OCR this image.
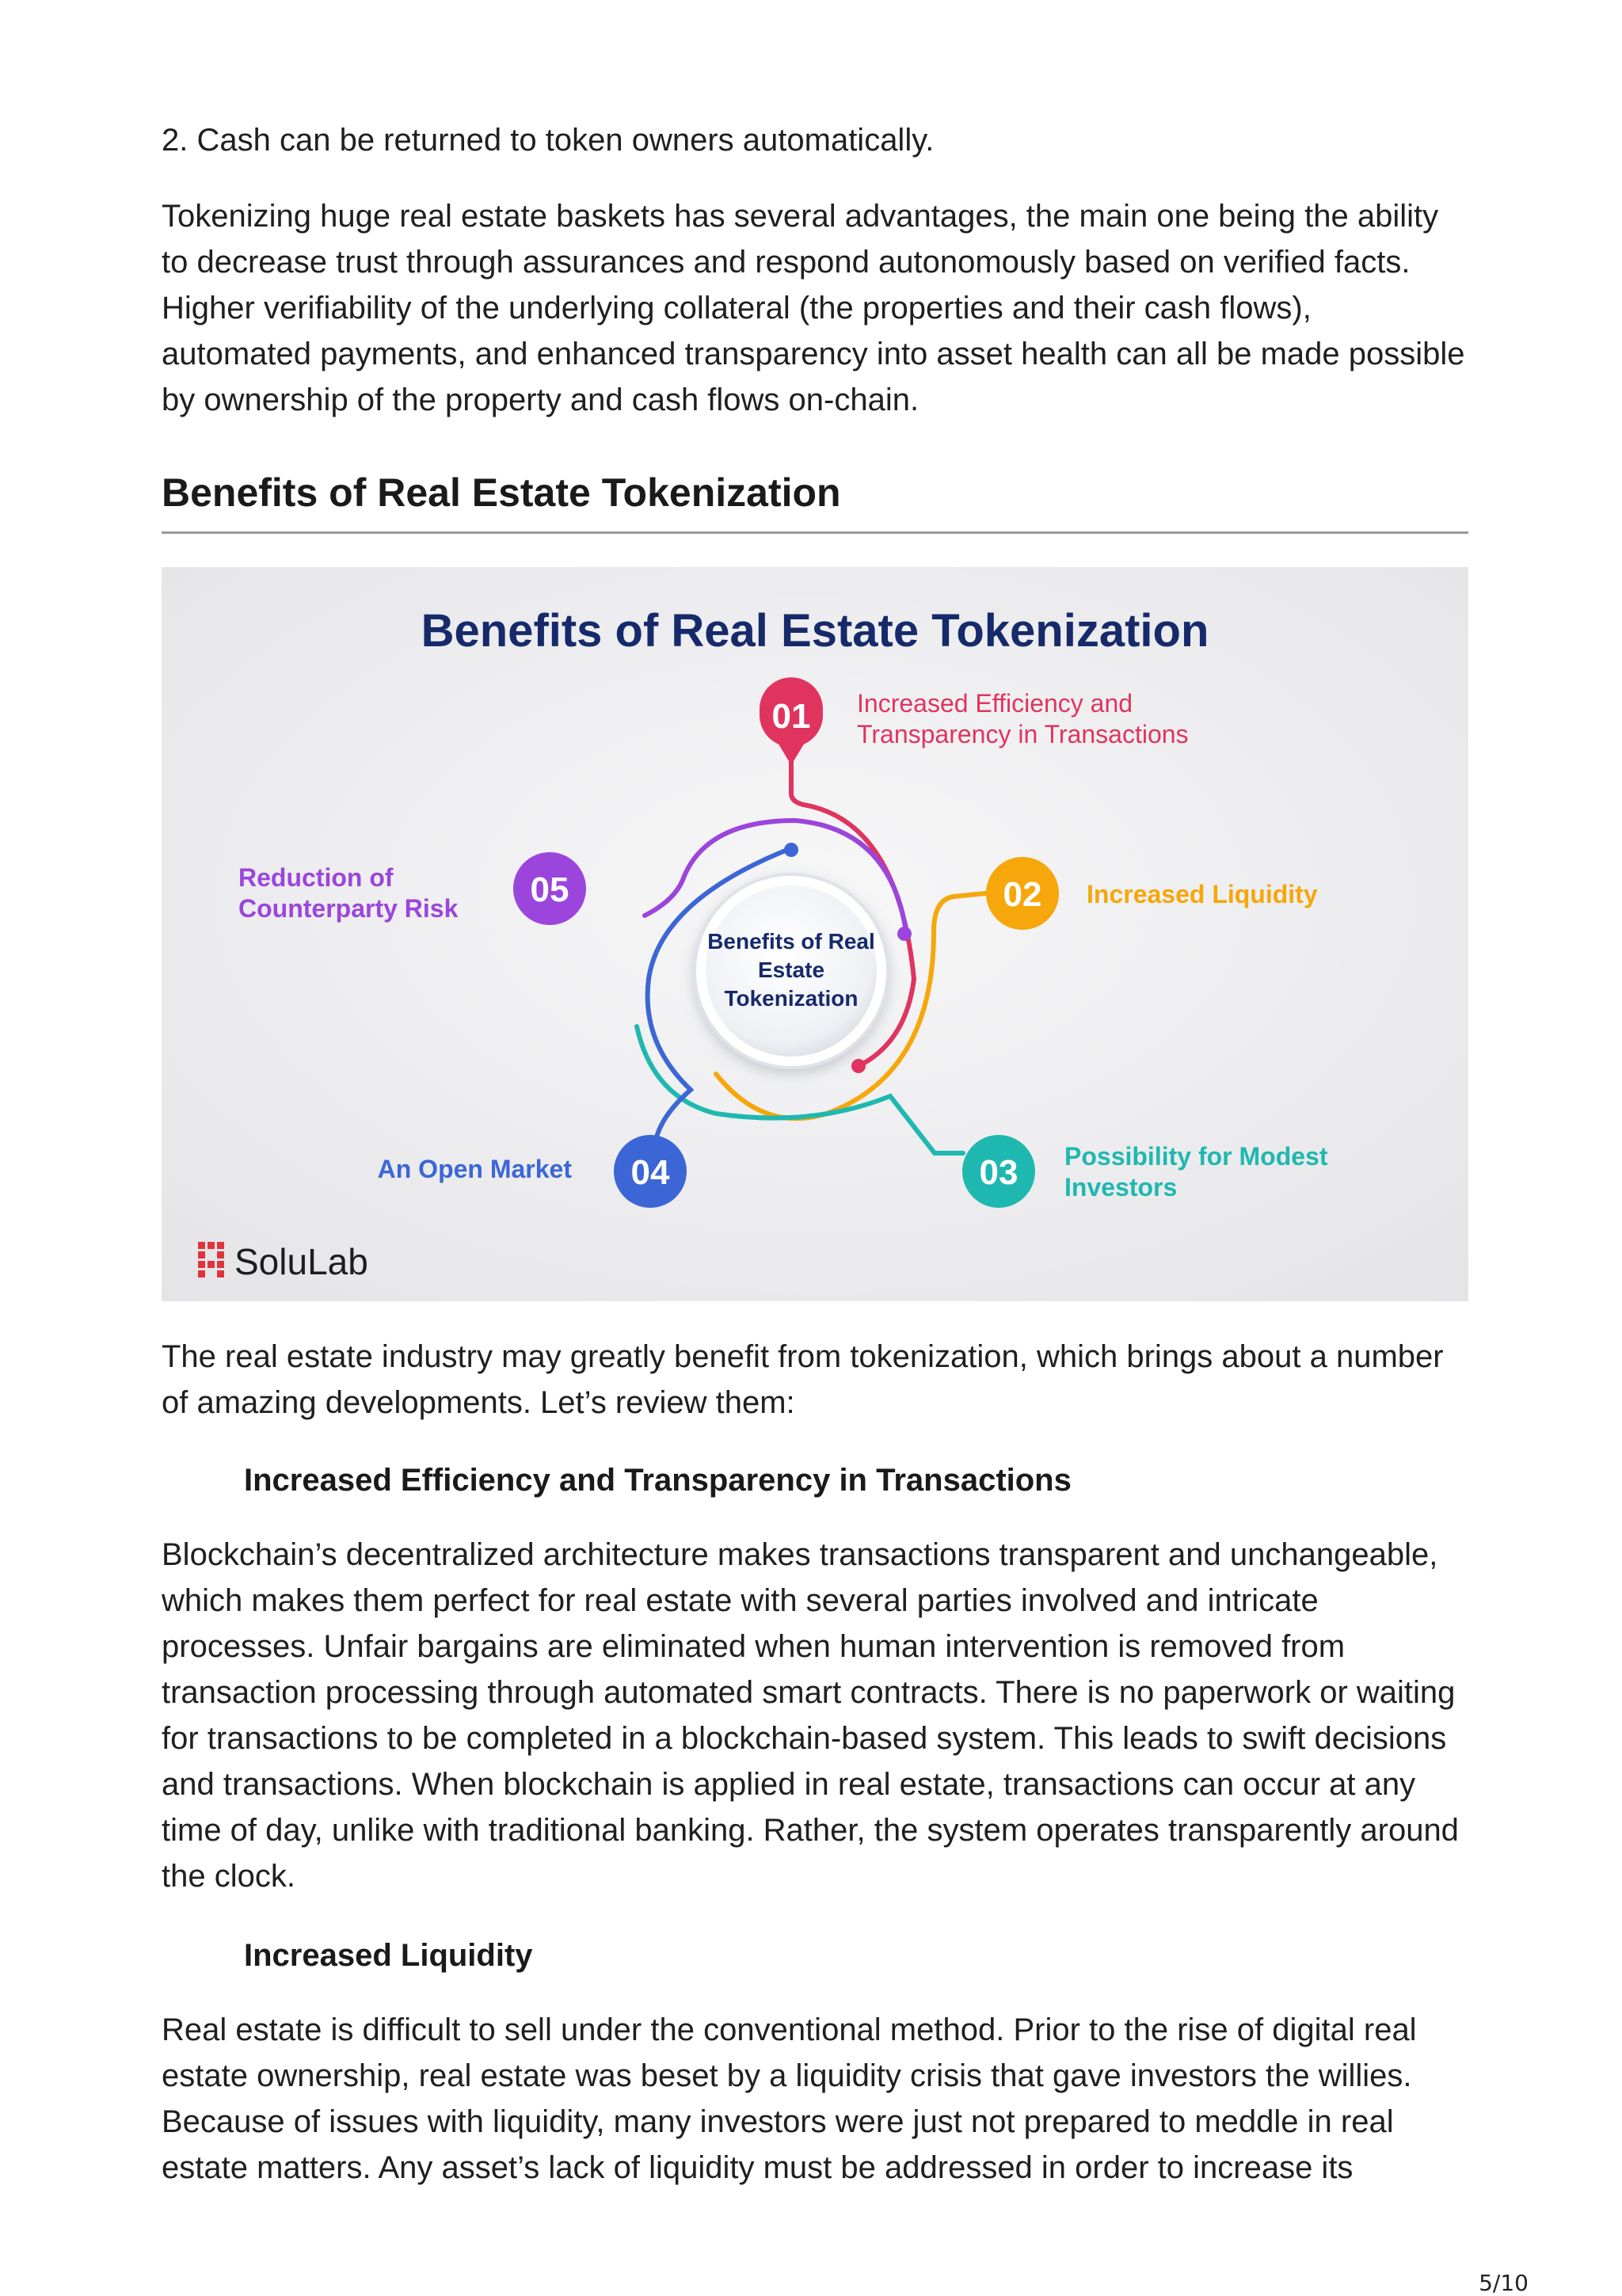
2. Cash can be returned to token owners automatically.

Tokenizing huge real estate baskets has several advantages, the main one being the ability to decrease trust through assurances and respond autonomously based on verified facts. Higher verifiability of the underlying collateral (the properties and their cash flows), automated payments, and enhanced transparency into asset health can all be made possible by ownership of the property and cash flows on-chain.

Benefits of Real Estate Tokenization

The real estate industry may greatly benefit from tokenization, which brings about a number of amazing developments. Let’s review them:

Increased Efficiency and Transparency in Transactions

Blockchain’s decentralized architecture makes transactions transparent and unchangeable, which makes them perfect for real estate with several parties involved and intricate processes. Unfair bargains are eliminated when human intervention is removed from transaction processing through automated smart contracts. There is no paperwork or waiting for transactions to be completed in a blockchain-based system. This leads to swift decisions and transactions. When blockchain is applied in real estate, transactions can occur at any time of day, unlike with traditional banking. Rather, the system operates transparently around the clock.

Increased Liquidity

Real estate is difficult to sell under the conventional method. Prior to the rise of digital real estate ownership, real estate was beset by a liquidity crisis that gave investors the willies. Because of issues with liquidity, many investors were just not prepared to meddle in real estate matters. Any asset’s lack of liquidity must be addressed in order to increase its

Benefits of Real Estate Tokenization
Benefits of Real
Estate
Tokenization
01 Increased Efficiency and
Transparency in Transactions
02 Increased Liquidity
03 Possibility for Modest
Investors
04
An Open Market
05
Reduction of
Counterparty Risk
SoluLab
5/10
